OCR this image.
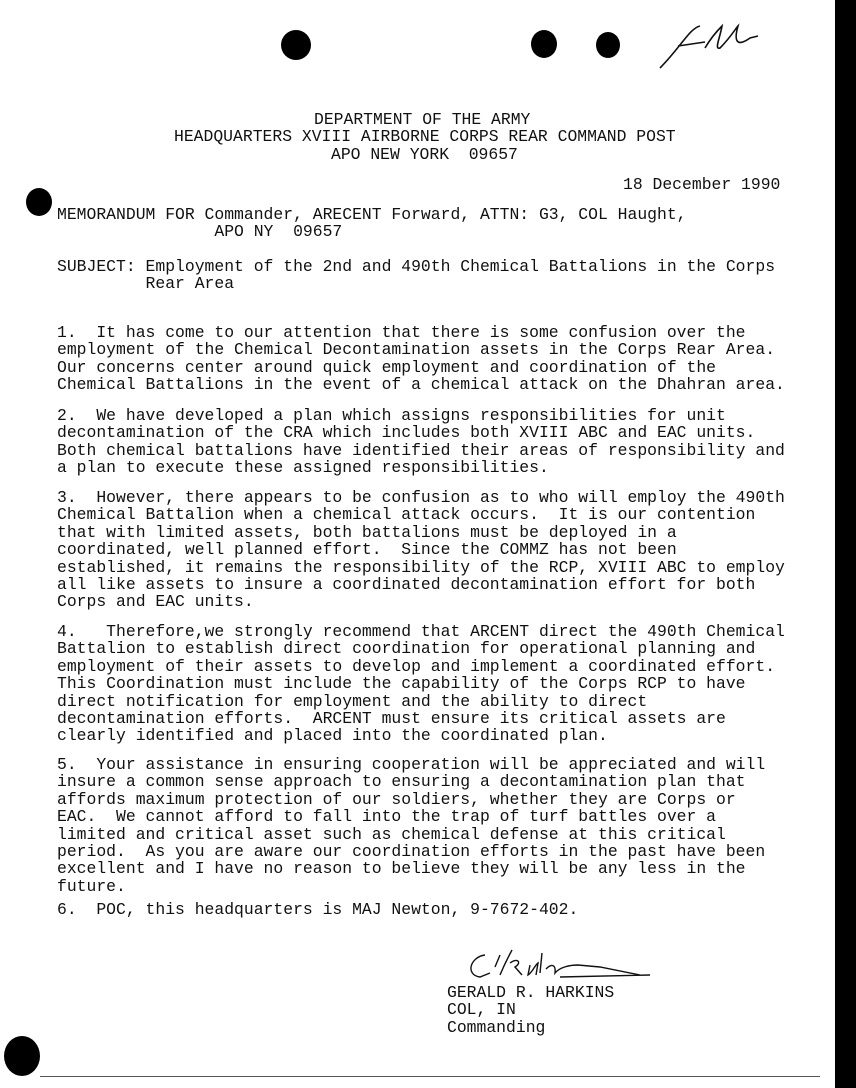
DEPARTMENT OF THE ARMY
HEADQUARTERS XVIII AIRBORNE CORPS REAR COMMAND POST
APO NEW YORK  09657
18 December 1990
MEMORANDUM FOR Commander, ARECENT Forward, ATTN: G3, COL Haught,
APO NY  09657
SUBJECT: Employment of the 2nd and 490th Chemical Battalions in the Corps
Rear Area
1.  It has come to our attention that there is some confusion over the
employment of the Chemical Decontamination assets in the Corps Rear Area.
Our concerns center around quick employment and coordination of the
Chemical Battalions in the event of a chemical attack on the Dhahran area.
2.  We have developed a plan which assigns responsibilities for unit
decontamination of the CRA which includes both XVIII ABC and EAC units.
Both chemical battalions have identified their areas of responsibility and
a plan to execute these assigned responsibilities.
3.  However, there appears to be confusion as to who will employ the 490th
Chemical Battalion when a chemical attack occurs.  It is our contention
that with limited assets, both battalions must be deployed in a
coordinated, well planned effort.  Since the COMMZ has not been
established, it remains the responsibility of the RCP, XVIII ABC to employ
all like assets to insure a coordinated decontamination effort for both
Corps and EAC units.
4.   Therefore,we strongly recommend that ARCENT direct the 490th Chemical
Battalion to establish direct coordination for operational planning and
employment of their assets to develop and implement a coordinated effort.
This Coordination must include the capability of the Corps RCP to have
direct notification for employment and the ability to direct
decontamination efforts.  ARCENT must ensure its critical assets are
clearly identified and placed into the coordinated plan.
5.  Your assistance in ensuring cooperation will be appreciated and will
insure a common sense approach to ensuring a decontamination plan that
affords maximum protection of our soldiers, whether they are Corps or
EAC.  We cannot afford to fall into the trap of turf battles over a
limited and critical asset such as chemical defense at this critical
period.  As you are aware our coordination efforts in the past have been
excellent and I have no reason to believe they will be any less in the
future.
6.  POC, this headquarters is MAJ Newton, 9-7672-402.
GERALD R. HARKINS
COL, IN
Commanding
